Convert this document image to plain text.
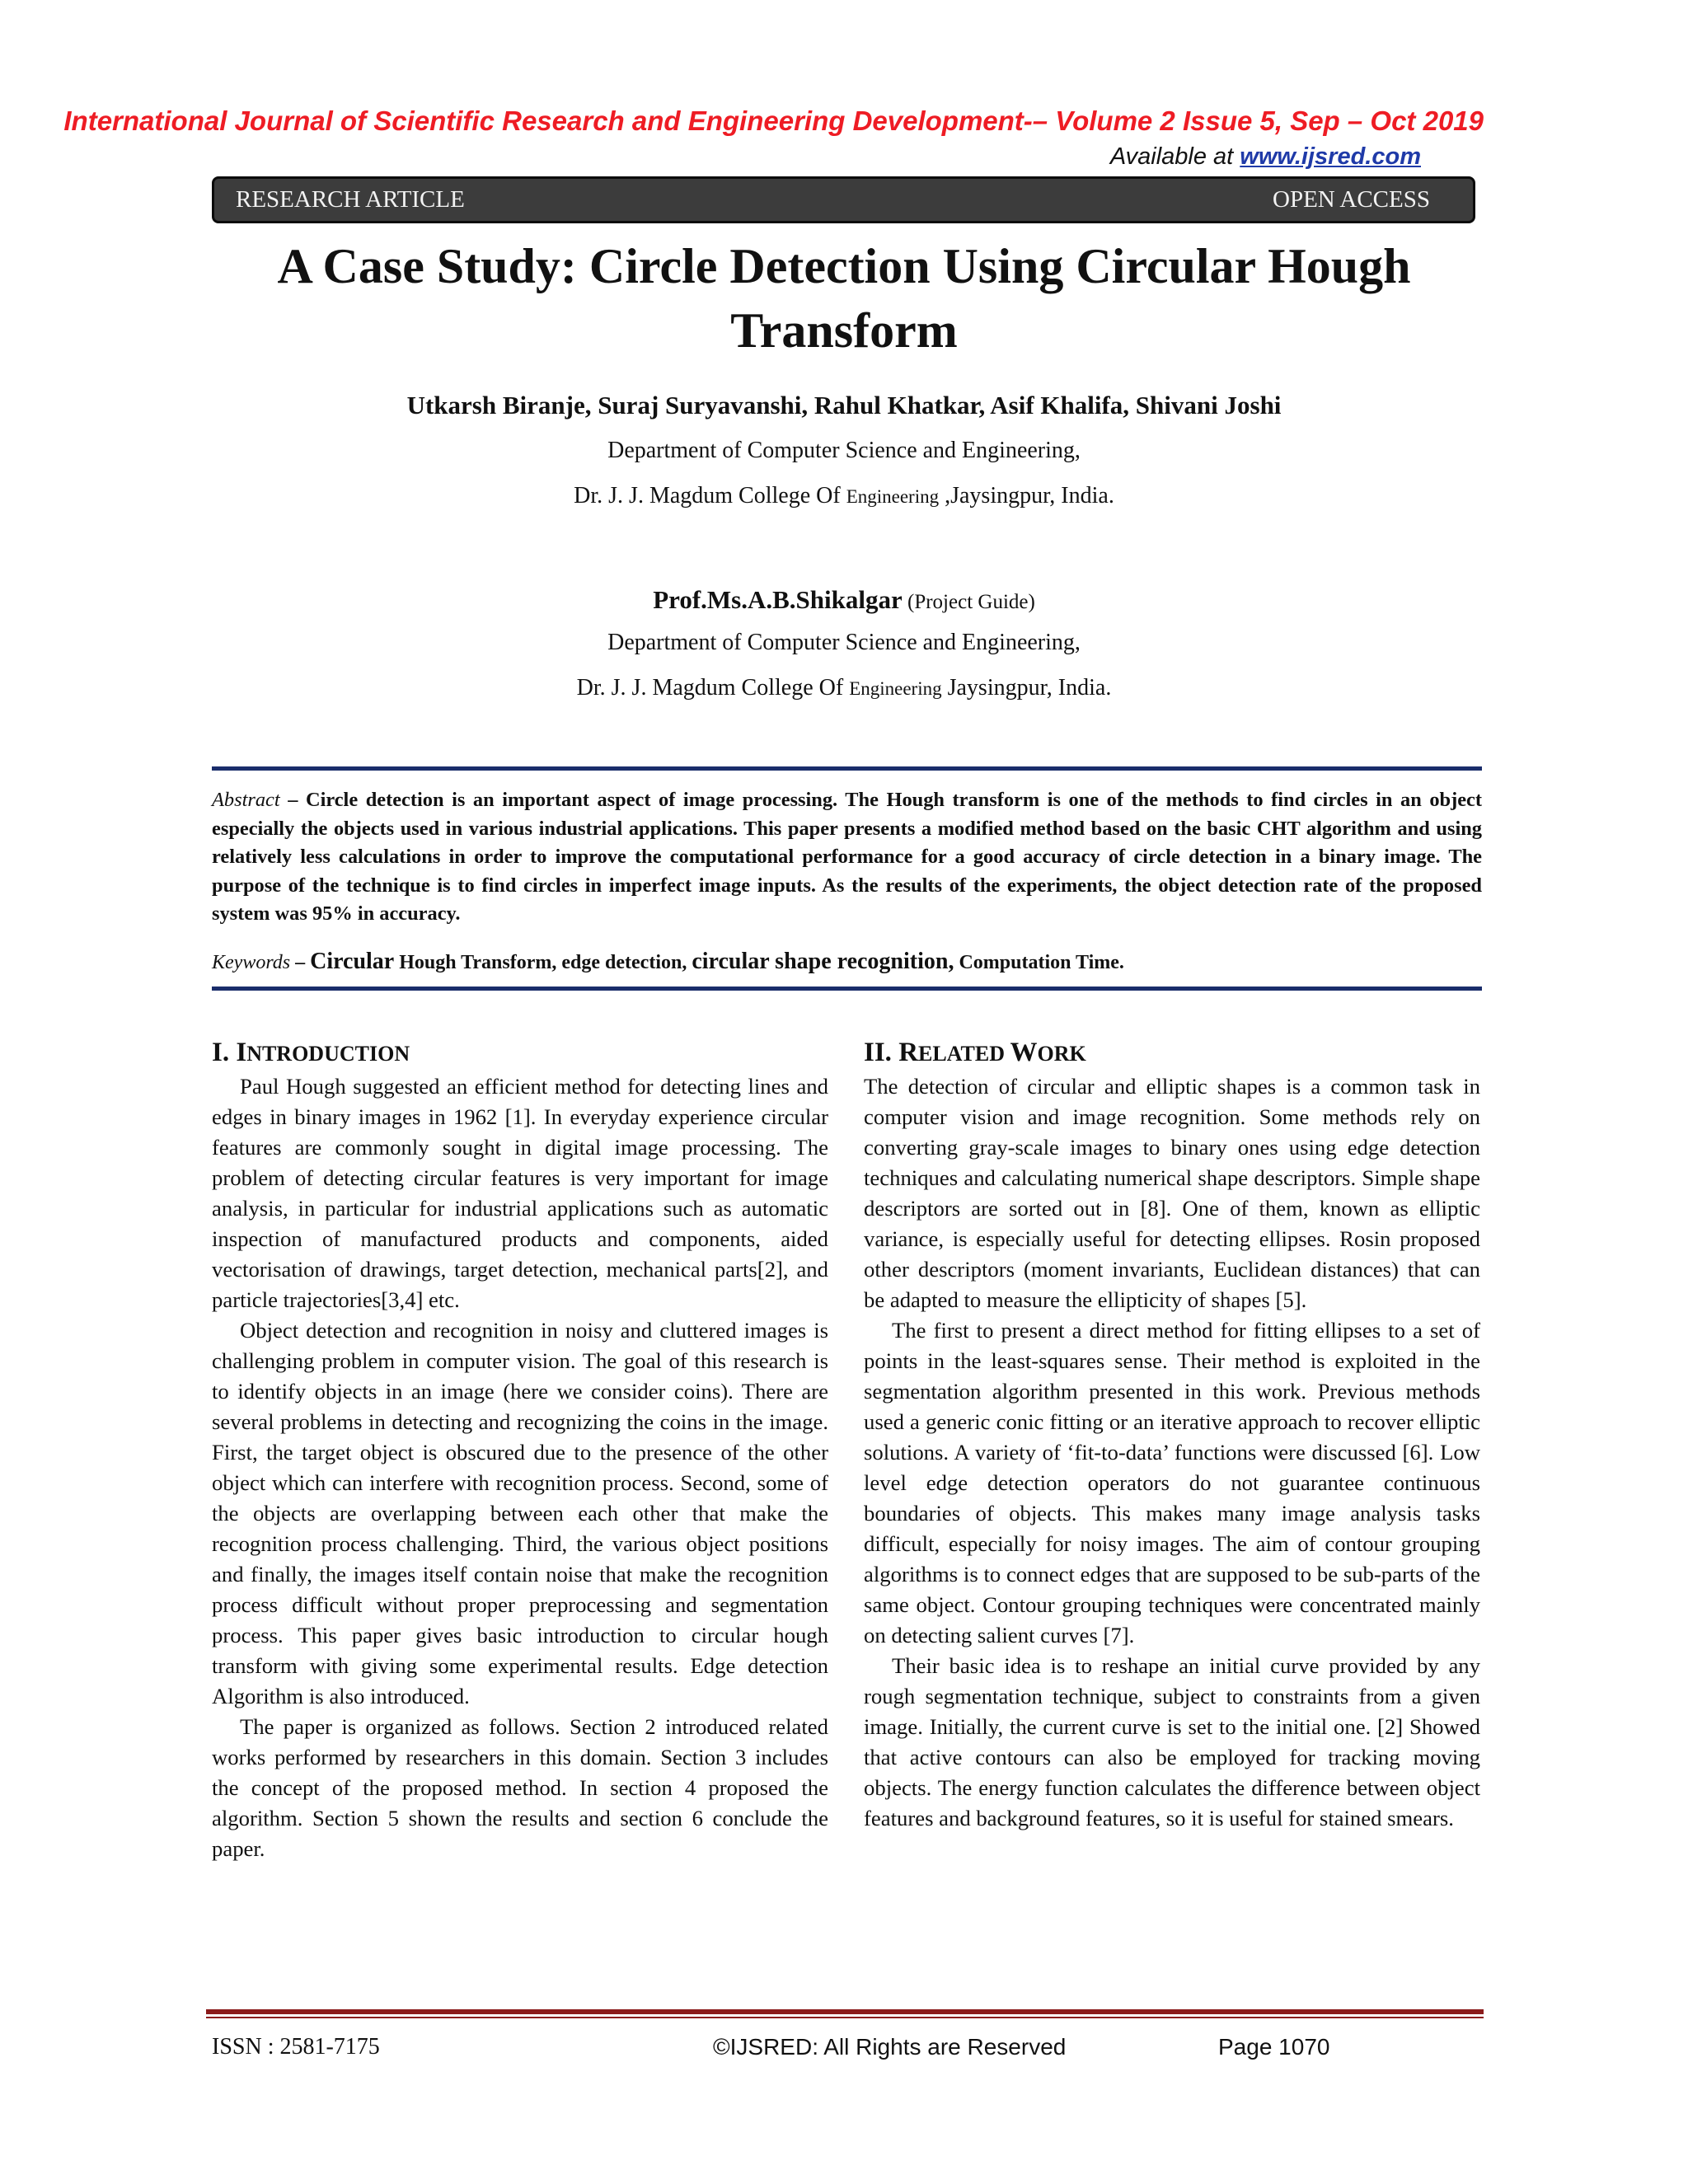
International Journal of Scientific Research and Engineering Development-– Volume 2 Issue 5, Sep – Oct 2019
Available at www.ijsred.com
RESEARCH ARTICLE	OPEN ACCESS
A Case Study: Circle Detection Using Circular Hough
Transform
Utkarsh Biranje, Suraj Suryavanshi, Rahul Khatkar, Asif Khalifa, Shivani Joshi
Department of Computer Science and Engineering,
Dr. J. J. Magdum College Of Engineering ,Jaysingpur, India.
Prof.Ms.A.B.Shikalgar (Project Guide)
Department of Computer Science and Engineering,
Dr. J. J. Magdum College Of Engineering Jaysingpur, India.
Abstract – Circle detection is an important aspect of image processing. The Hough transform is one of the methods to find circles in an object especially the objects used in various industrial applications. This paper presents a modified method based on the basic CHT algorithm and using relatively less calculations in order to improve the computational performance for a good accuracy of circle detection in a binary image. The purpose of the technique is to find circles in imperfect image inputs. As the results of the experiments, the object detection rate of the proposed system was 95% in accuracy.
Keywords – Circular Hough Transform, edge detection, circular shape recognition, Computation Time.
I. INTRODUCTION

Paul Hough suggested an efficient method for detecting lines and edges in binary images in 1962 [1]. In everyday experience circular features are commonly sought in digital image processing. The problem of detecting circular features is very important for image analysis, in particular for industrial applications such as automatic inspection of manufactured products and components, aided vectorisation of drawings, target detection, mechanical parts[2], and particle trajectories[3,4] etc.

Object detection and recognition in noisy and cluttered images is challenging problem in computer vision. The goal of this research is to identify objects in an image (here we consider coins). There are several problems in detecting and recognizing the coins in the image. First, the target object is obscured due to the presence of the other object which can interfere with recognition process. Second, some of the objects are overlapping between each other that make the recognition process challenging. Third, the various object positions and finally, the images itself contain noise that make the recognition process difficult without proper preprocessing and segmentation process. This paper gives basic introduction to circular hough transform with giving some experimental results. Edge detection Algorithm is also introduced.

The paper is organized as follows. Section 2 introduced related works performed by researchers in this domain. Section 3 includes the concept of the proposed method. In section 4 proposed the algorithm. Section 5 shown the results and section 6 conclude the paper.

II. RELATED WORK

The detection of circular and elliptic shapes is a common task in computer vision and image recognition. Some methods rely on converting gray-scale images to binary ones using edge detection techniques and calculating numerical shape descriptors. Simple shape descriptors are sorted out in [8]. One of them, known as elliptic variance, is especially useful for detecting ellipses. Rosin proposed other descriptors (moment invariants, Euclidean distances) that can be adapted to measure the ellipticity of shapes [5].

The first to present a direct method for fitting ellipses to a set of points in the least-squares sense. Their method is exploited in the segmentation algorithm presented in this work. Previous methods used a generic conic fitting or an iterative approach to recover elliptic solutions. A variety of ‘fit-to-data’ functions were discussed [6]. Low level edge detection operators do not guarantee continuous boundaries of objects. This makes many image analysis tasks difficult, especially for noisy images. The aim of contour grouping algorithms is to connect edges that are supposed to be sub-parts of the same object. Contour grouping techniques were concentrated mainly on detecting salient curves [7].

Their basic idea is to reshape an initial curve provided by any rough segmentation technique, subject to constraints from a given image. Initially, the current curve is set to the initial one. [2] Showed that active contours can also be employed for tracking moving objects. The energy function calculates the difference between object features and background features, so it is useful for stained smears.

ISSN : 2581-7175	©IJSRED: All Rights are Reserved	Page 1070
